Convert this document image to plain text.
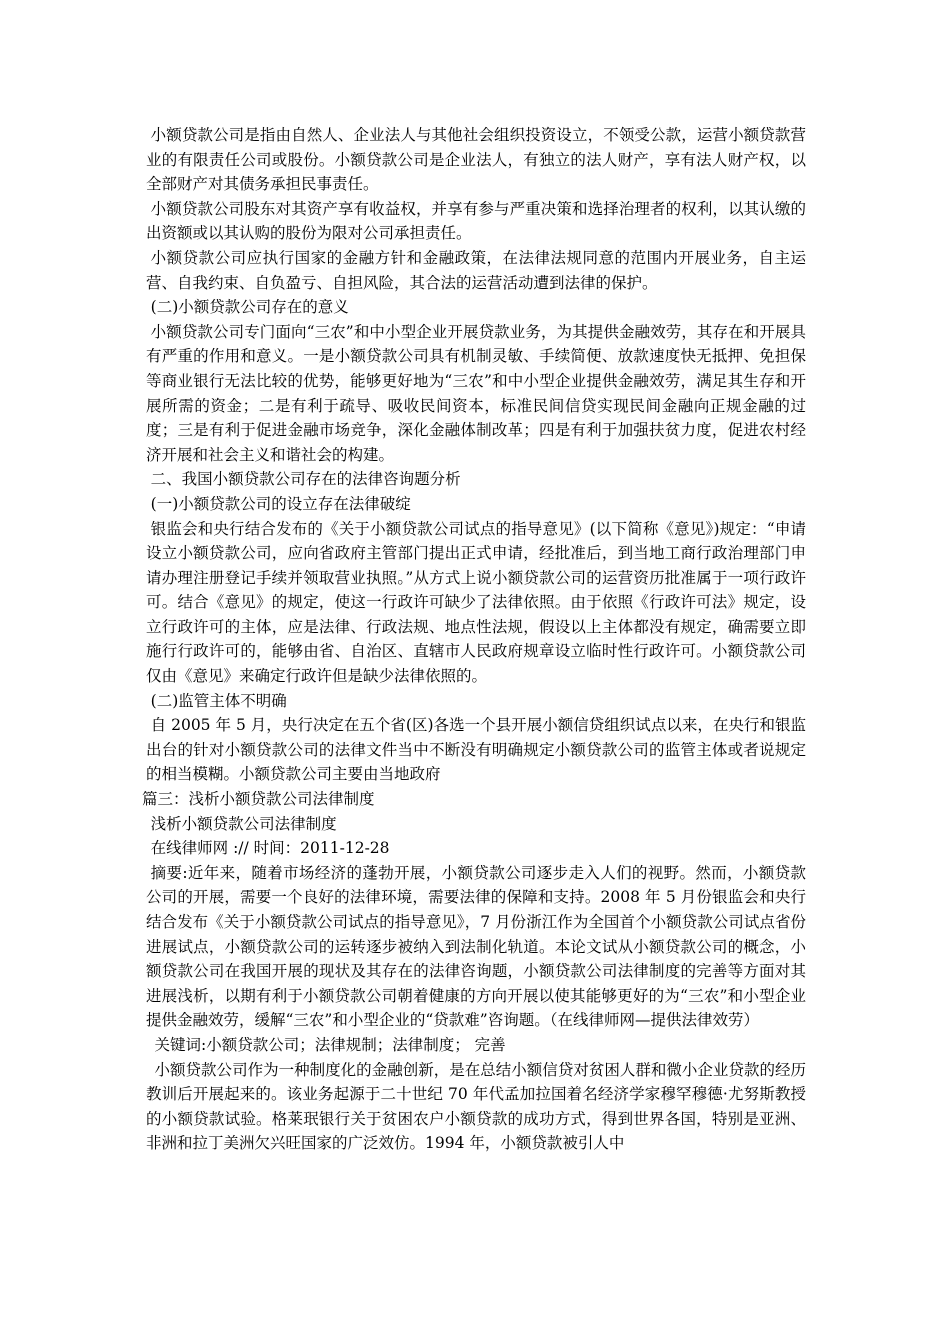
小额贷款公司是指由自然人、企业法人与其他社会组织投资设立，不领受公款，运营小额贷款营业的有限责任公司或股份。小额贷款公司是企业法人，有独立的法人财产，享有法人财产权，以全部财产对其债务承担民事责任。

小额贷款公司股东对其资产享有收益权，并享有参与严重决策和选择治理者的权利，以其认缴的出资额或以其认购的股份为限对公司承担责任。

小额贷款公司应执行国家的金融方针和金融政策，在法律法规同意的范围内开展业务，自主运营、自我约束、自负盈亏、自担风险，其合法的运营活动遭到法律的保护。

(二)小额贷款公司存在的意义

小额贷款公司专门面向“三农”和中小型企业开展贷款业务，为其提供金融效劳，其存在和开展具有严重的作用和意义。一是小额贷款公司具有机制灵敏、手续简便、放款速度快无抵押、免担保等商业银行无法比较的优势，能够更好地为“三农”和中小型企业提供金融效劳，满足其生存和开展所需的资金；二是有利于疏导、吸收民间资本，标准民间信贷实现民间金融向正规金融的过度；三是有利于促进金融市场竞争，深化金融体制改革；四是有利于加强扶贫力度，促进农村经济开展和社会主义和谐社会的构建。

二、我国小额贷款公司存在的法律咨询题分析

(一)小额贷款公司的设立存在法律破绽

银监会和央行结合发布的《关于小额贷款公司试点的指导意见》(以下简称《意见》)规定：“申请设立小额贷款公司，应向省政府主管部门提出正式申请，经批准后，到当地工商行政治理部门申请办理注册登记手续并领取营业执照。”从方式上说小额贷款公司的运营资历批准属于一项行政许可。结合《意见》的规定，使这一行政许可缺少了法律依照。由于依照《行政许可法》规定，设立行政许可的主体，应是法律、行政法规、地点性法规，假设以上主体都没有规定，确需要立即施行行政许可的，能够由省、自治区、直辖市人民政府规章设立临时性行政许可。小额贷款公司仅由《意见》来确定行政许但是缺少法律依照的。

(二)监管主体不明确

自 2005 年 5 月，央行决定在五个省(区)各选一个县开展小额信贷组织试点以来，在央行和银监出台的针对小额贷款公司的法律文件当中不断没有明确规定小额贷款公司的监管主体或者说规定的相当模糊。小额贷款公司主要由当地政府

篇三：浅析小额贷款公司法律制度

浅析小额贷款公司法律制度

在线律师网 :// 时间：2011-12-28

摘要:近年来，随着市场经济的蓬勃开展，小额贷款公司逐步走入人们的视野。然而，小额贷款公司的开展，需要一个良好的法律环境，需要法律的保障和支持。2008 年 5 月份银监会和央行结合发布《关于小额贷款公司试点的指导意见》，7 月份浙江作为全国首个小额贷款公司试点省份进展试点，小额贷款公司的运转逐步被纳入到法制化轨道。本论文试从小额贷款公司的概念，小额贷款公司在我国开展的现状及其存在的法律咨询题，小额贷款公司法律制度的完善等方面对其进展浅析，以期有利于小额贷款公司朝着健康的方向开展以使其能够更好的为“三农”和小型企业提供金融效劳，缓解“三农”和小型企业的“贷款难”咨询题。（在线律师网—提供法律效劳）

关键词:小额贷款公司；法律规制；法律制度； 完善

小额贷款公司作为一种制度化的金融创新，是在总结小额信贷对贫困人群和微小企业贷款的经历教训后开展起来的。该业务起源于二十世纪 70 年代孟加拉国着名经济学家穆罕穆德·尤努斯教授的小额贷款试验。格莱珉银行关于贫困农户小额贷款的成功方式，得到世界各国，特别是亚洲、非洲和拉丁美洲欠兴旺国家的广泛效仿。1994 年，小额贷款被引人中
